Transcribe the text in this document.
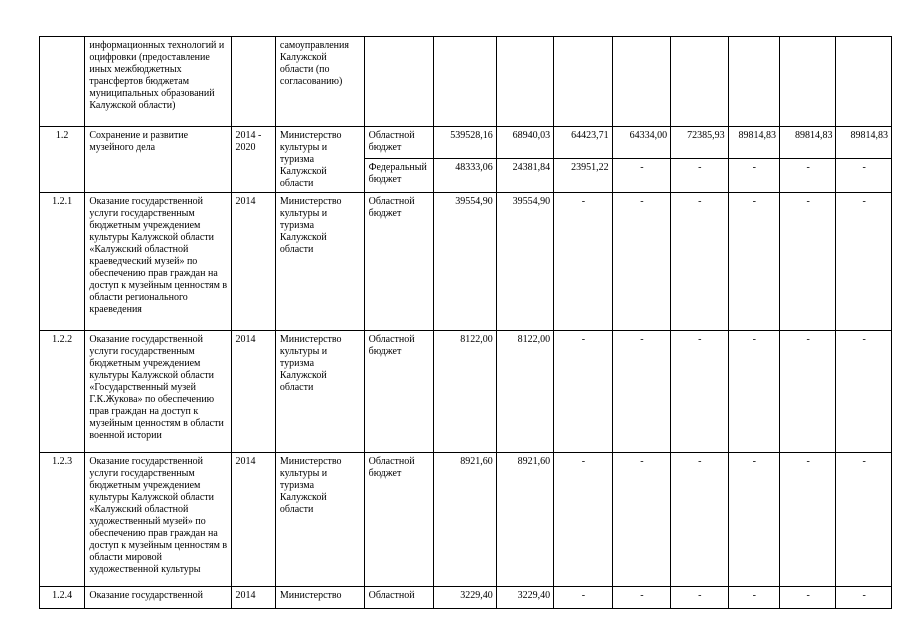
	информационных технологий и оцифровки (предоставление иных межбюджетных трансфертов бюджетам муниципальных образований Калужской области)		самоуправления Калужской области (по согласованию)									
1.2	Сохранение и развитие музейного дела	2014 - 2020	Министерство культуры и туризма Калужской области	Областной бюджет	539528,16	68940,03	64423,71	64334,00	72385,93	89814,83	89814,83	89814,83
				Федеральный бюджет	48333,06	24381,84	23951,22	-	-	-	-	-
1.2.1	Оказание государственной услуги государственным бюджетным учреждением культуры Калужской области «Калужский областной краеведческий музей» по обеспечению прав граждан на доступ к музейным ценностям в области регионального краеведения	2014	Министерство культуры и туризма Калужской области	Областной бюджет	39554,90	39554,90	-	-	-	-	-	-
1.2.2	Оказание государственной услуги государственным бюджетным учреждением культуры Калужской области «Государственный музей Г.К.Жукова» по обеспечению прав граждан на доступ к музейным ценностям в области военной истории	2014	Министерство культуры и туризма Калужской области	Областной бюджет	8122,00	8122,00	-	-	-	-	-	-
1.2.3	Оказание государственной услуги государственным бюджетным учреждением культуры Калужской области «Калужский областной художественный музей» по обеспечению прав граждан на доступ к музейным ценностям в области мировой художественной культуры	2014	Министерство культуры и туризма Калужской области	Областной бюджет	8921,60	8921,60	-	-	-	-	-	-
1.2.4	Оказание государственной	2014	Министерство	Областной	3229,40	3229,40	-	-	-	-	-	-
